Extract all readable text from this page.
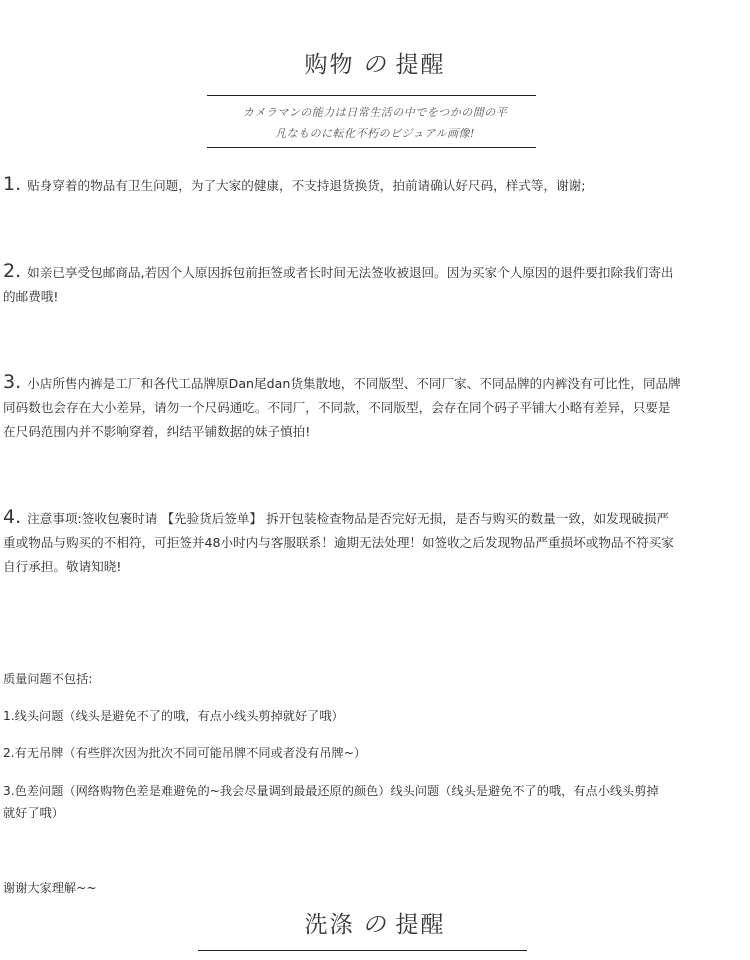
购物 の 提醒
カメラマンの能力は日常生活の中でをつかの間の平
凡なものに転化不朽のビジュアル画像!
1. 贴身穿着的物品有卫生问题，为了大家的健康，不支持退货换货，拍前请确认好尺码，样式等，谢谢;
2. 如亲已享受包邮商品,若因个人原因拆包前拒签或者长时间无法签收被退回。因为买家个人原因的退件要扣除我们寄出
的邮费哦!
3. 小店所售内裤是工厂和各代工品牌原Dan尾dan货集散地，不同版型、不同厂家、不同品牌的内裤没有可比性，同品牌
同码数也会存在大小差异，请勿一个尺码通吃。不同厂，不同款，不同版型，会存在同个码子平铺大小略有差异，只要是
在尺码范围内并不影响穿着，纠结平铺数据的妹子慎拍!
4. 注意事项:签收包裹时请 【先验货后签单】 拆开包装检查物品是否完好无损，是否与购买的数量一致，如发现破损严
重或物品与购买的不相符，可拒签并48小时内与客服联系！逾期无法处理！如签收之后发现物品严重损坏或物品不符买家
自行承担。敬请知晓!
质量问题不包括:
1.线头问题（线头是避免不了的哦，有点小线头剪掉就好了哦）
2.有无吊牌（有些胖次因为批次不同可能吊牌不同或者没有吊牌~）
3.色差问题（网络购物色差是难避免的~我会尽量调到最最还原的颜色）线头问题（线头是避免不了的哦，有点小线头剪掉
就好了哦）
谢谢大家理解~~
洗涤 の 提醒
